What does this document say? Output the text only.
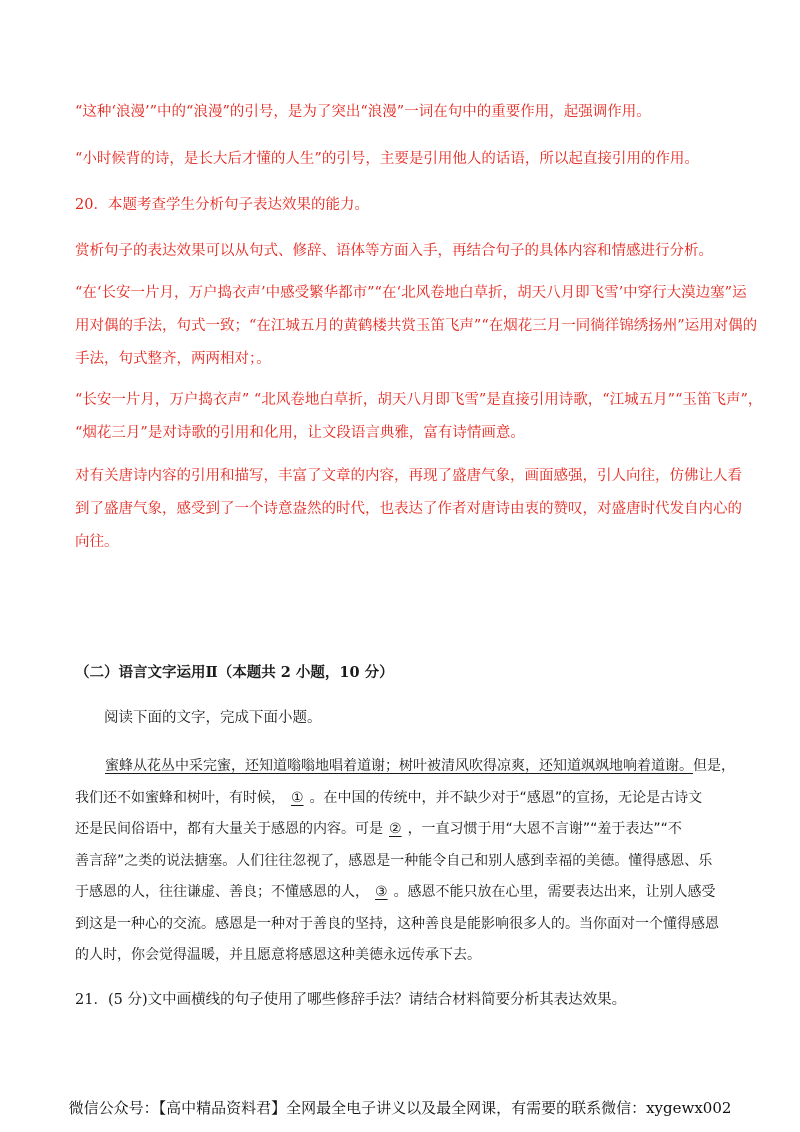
“这种‘浪漫’”中的“浪漫”的引号，是为了突出“浪漫”一词在句中的重要作用，起强调作用。
“小时候背的诗，是长大后才懂的人生”的引号，主要是引用他人的话语，所以起直接引用的作用。
20．本题考查学生分析句子表达效果的能力。
赏析句子的表达效果可以从句式、修辞、语体等方面入手，再结合句子的具体内容和情感进行分析。
“在‘长安一片月，万户捣衣声’中感受繁华都市”“在‘北风卷地白草折，胡天八月即飞雪’中穿行大漠边塞”运
用对偶的手法，句式一致；“在江城五月的黄鹤楼共赏玉笛飞声”“在烟花三月一同徜徉锦绣扬州”运用对偶的
手法，句式整齐，两两相对；。
“长安一片月，万户捣衣声” “北风卷地白草折，胡天八月即飞雪”是直接引用诗歌，“江城五月”“玉笛飞声”，
“烟花三月”是对诗歌的引用和化用，让文段语言典雅，富有诗情画意。
对有关唐诗内容的引用和描写，丰富了文章的内容，再现了盛唐气象，画面感强，引人向往，仿佛让人看
到了盛唐气象，感受到了一个诗意盎然的时代，也表达了作者对唐诗由衷的赞叹，对盛唐时代发自内心的
向往。
（二）语言文字运用Ⅱ（本题共 2 小题，10 分）
阅读下面的文字，完成下面小题。
蜜蜂从花丛中采完蜜，还知道嗡嗡地唱着道谢；树叶被清风吹得凉爽，还知道飒飒地响着道谢。但是，
我们还不如蜜蜂和树叶，有时候， ① 。在中国的传统中，并不缺少对于“感恩”的宣扬，无论是古诗文
还是民间俗语中，都有大量关于感恩的内容。可是 ② ，一直习惯于用“大恩不言谢”“羞于表达”“不
善言辞”之类的说法搪塞。人们往往忽视了，感恩是一种能令自己和别人感到幸福的美德。懂得感恩、乐
于感恩的人，往往谦虚、善良；不懂感恩的人， ③ 。感恩不能只放在心里，需要表达出来，让别人感受
到这是一种心的交流。感恩是一种对于善良的坚持，这种善良是能影响很多人的。当你面对一个懂得感恩
的人时，你会觉得温暖，并且愿意将感恩这种美德永远传承下去。
21．(5 分)文中画横线的句子使用了哪些修辞手法？请结合材料简要分析其表达效果。
微信公众号：【高中精品资料君】全网最全电子讲义以及最全网课，有需要的联系微信：xygewx002
